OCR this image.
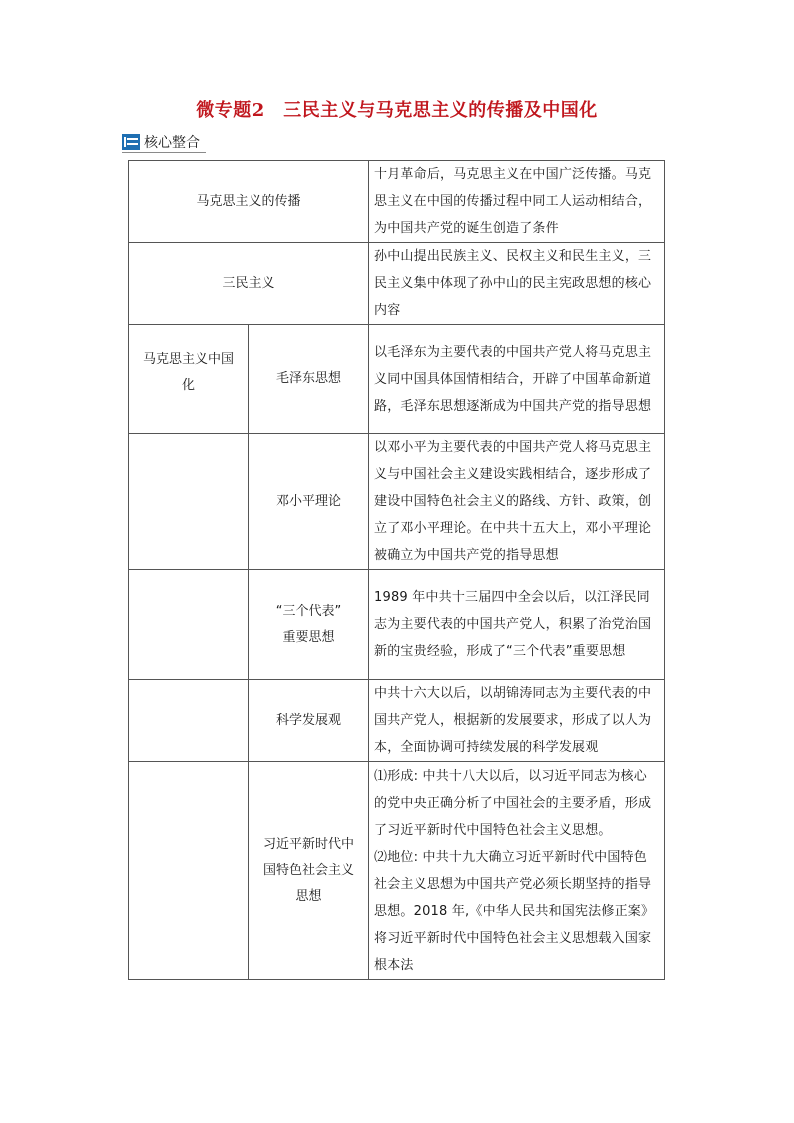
微专题2　三民主义与马克思主义的传播及中国化
核心整合
马克思主义的传播		十月革命后，马克思主义在中国广泛传播。马克思主义在中国的传播过程中同工人运动相结合，为中国共产党的诞生创造了条件
三民主义		孙中山提出民族主义、民权主义和民生主义，三民主义集中体现了孙中山的民主宪政思想的核心内容
马克思主义中国化	毛泽东思想	以毛泽东为主要代表的中国共产党人将马克思主义同中国具体国情相结合，开辟了中国革命新道路，毛泽东思想逐渐成为中国共产党的指导思想
	邓小平理论	以邓小平为主要代表的中国共产党人将马克思主义与中国社会主义建设实践相结合，逐步形成了建设中国特色社会主义的路线、方针、政策，创立了邓小平理论。在中共十五大上，邓小平理论被确立为中国共产党的指导思想

	“三个代表”
重要思想	1989 年中共十三届四中全会以后，以江泽民同志为主要代表的中国共产党人，积累了治党治国新的宝贵经验，形成了“三个代表”重要思想
	科学发展观	中共十六大以后，以胡锦涛同志为主要代表的中国共产党人，根据新的发展要求，形成了以人为本，全面协调可持续发展的科学发展观
	习近平新时代中国特色社会主义思想	⑴形成: 中共十八大以后，以习近平同志为核心的党中央正确分析了中国社会的主要矛盾，形成了习近平新时代中国特色社会主义思想。
⑵地位: 中共十九大确立习近平新时代中国特色社会主义思想为中国共产党必须长期坚持的指导思想。2018 年,《中华人民共和国宪法修正案》将习近平新时代中国特色社会主义思想载入国家根本法
